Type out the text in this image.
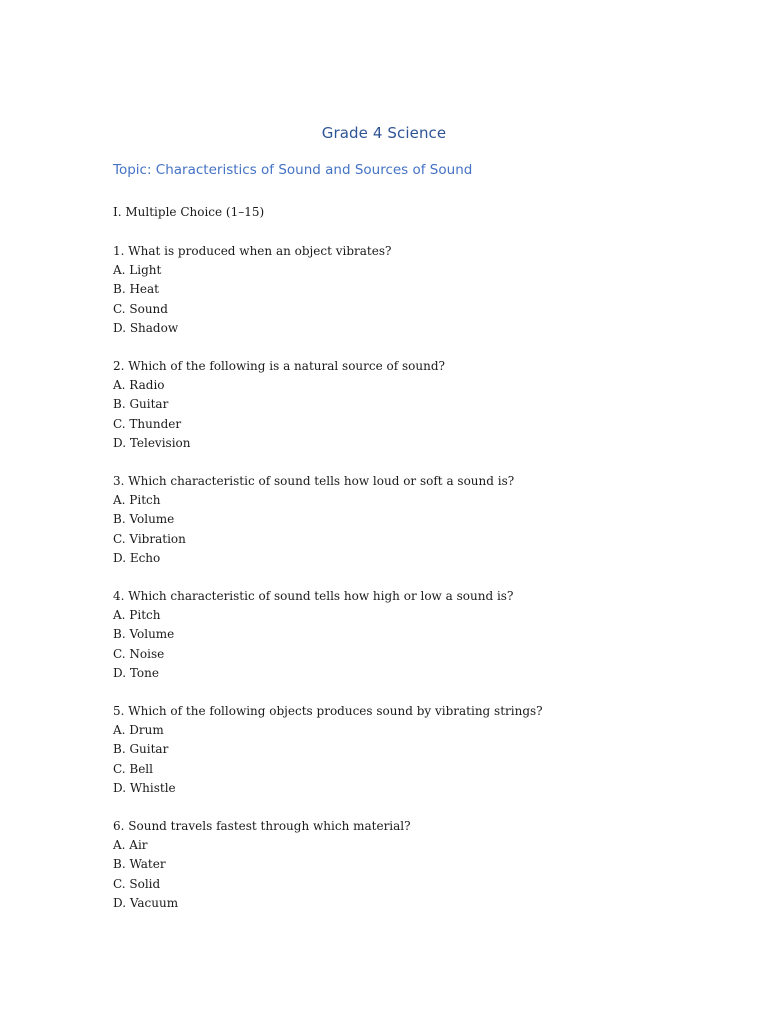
Grade 4 Science
Topic: Characteristics of Sound and Sources of Sound
I. Multiple Choice (1–15)
1. What is produced when an object vibrates?
A. Light
B. Heat
C. Sound
D. Shadow
2. Which of the following is a natural source of sound?
A. Radio
B. Guitar
C. Thunder
D. Television
3. Which characteristic of sound tells how loud or soft a sound is?
A. Pitch
B. Volume
C. Vibration
D. Echo
4. Which characteristic of sound tells how high or low a sound is?
A. Pitch
B. Volume
C. Noise
D. Tone
5. Which of the following objects produces sound by vibrating strings?
A. Drum
B. Guitar
C. Bell
D. Whistle
6. Sound travels fastest through which material?
A. Air
B. Water
C. Solid
D. Vacuum
